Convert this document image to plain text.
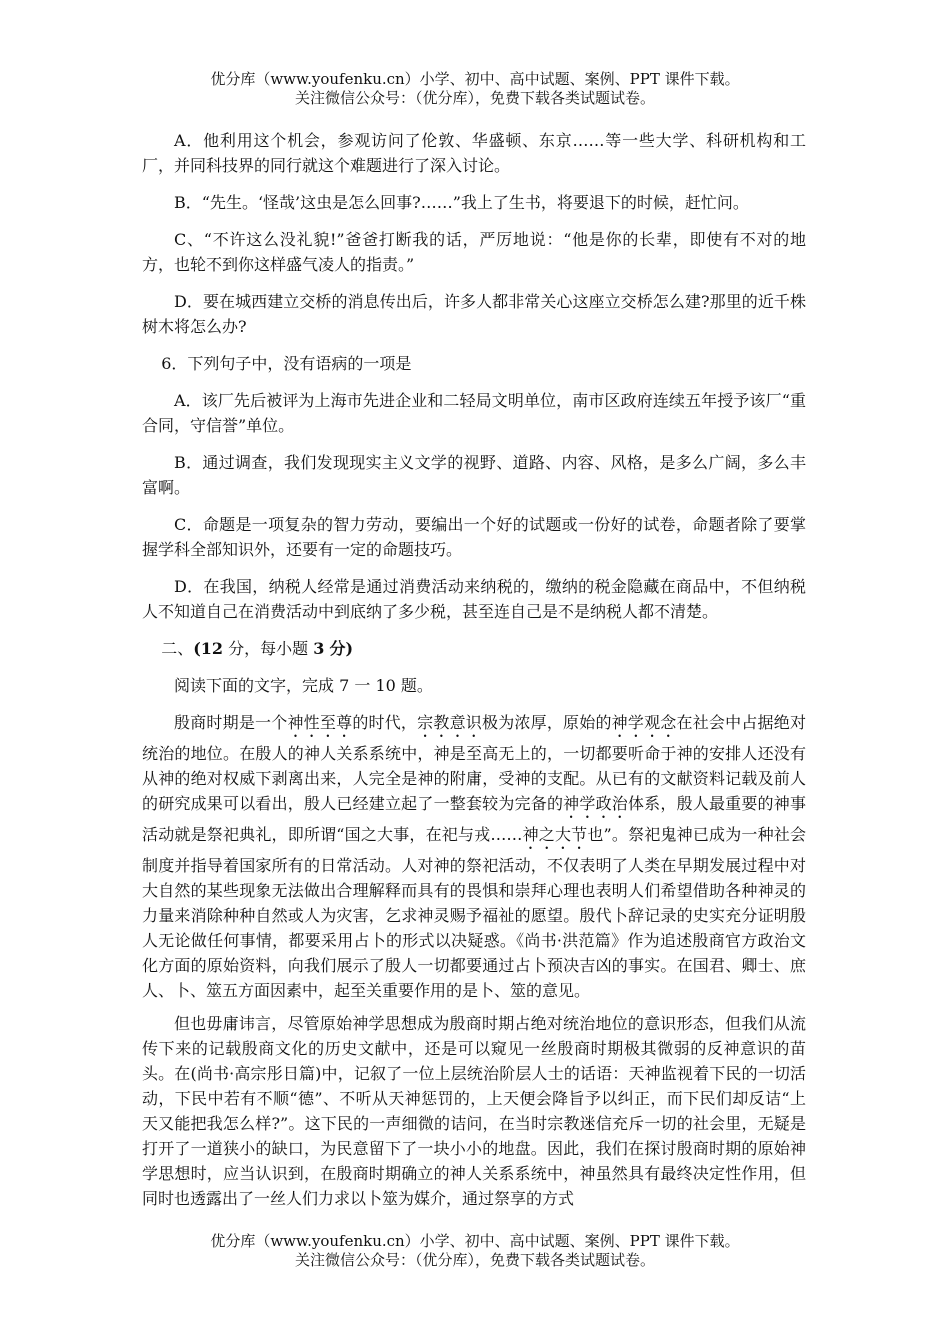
优分库（www.youfenku.cn）小学、初中、高中试题、案例、PPT 课件下载。
关注微信公众号：（优分库），免费下载各类试题试卷。

A．他利用这个机会，参观访问了伦敦、华盛顿、东京……等一些大学、科研机构和工厂，并同科技界的同行就这个难题进行了深入讨论。

B．“先生。‘怪哉’这虫是怎么回事?……”我上了生书，将要退下的时候，赶忙问。

C、“不许这么没礼貌!”爸爸打断我的话，严厉地说：“他是你的长辈，即使有不对的地方，也轮不到你这样盛气凌人的指责。”

D．要在城西建立交桥的消息传出后，许多人都非常关心这座立交桥怎么建?那里的近千株树木将怎么办?

6．下列句子中，没有语病的一项是

A．该厂先后被评为上海市先进企业和二轻局文明单位，南市区政府连续五年授予该厂“重合同，守信誉”单位。

B．通过调查，我们发现现实主义文学的视野、道路、内容、风格，是多么广阔，多么丰富啊。

C．命题是一项复杂的智力劳动，要编出一个好的试题或一份好的试卷，命题者除了要掌握学科全部知识外，还要有一定的命题技巧。

D．在我国，纳税人经常是通过消费活动来纳税的，缴纳的税金隐藏在商品中，不但纳税人不知道自己在消费活动中到底纳了多少税，甚至连自己是不是纳税人都不清楚。

二、(12 分，每小题 3 分)

阅读下面的文字，完成 7 一 10 题。

殷商时期是一个神性至尊的时代，宗教意识极为浓厚，原始的神学观念在社会中占据绝对统治的地位。在殷人的神人关系系统中，神是至高无上的，一切都要听命于神的安排人还没有从神的绝对权威下剥离出来，人完全是神的附庸，受神的支配。从已有的文献资料记载及前人的研究成果可以看出，殷人已经建立起了一整套较为完备的神学政治体系，殷人最重要的神事活动就是祭祀典礼，即所谓“国之大事，在祀与戎……神之大节也”。祭祀鬼神已成为一种社会制度并指导着国家所有的日常活动。人对神的祭祀活动，不仅表明了人类在早期发展过程中对大自然的某些现象无法做出合理解释而具有的畏惧和崇拜心理也表明人们希望借助各种神灵的力量来消除种种自然或人为灾害，乞求神灵赐予福祉的愿望。殷代卜辞记录的史实充分证明殷人无论做任何事情，都要采用占卜的形式以决疑惑。《尚书·洪范篇》作为追述殷商官方政治文化方面的原始资料，向我们展示了殷人一切都要通过占卜预决吉凶的事实。在国君、卿士、庶人、卜、筮五方面因素中，起至关重要作用的是卜、筮的意见。

但也毋庸讳言，尽管原始神学思想成为殷商时期占绝对统治地位的意识形态，但我们从流传下来的记载殷商文化的历史文献中，还是可以窥见一丝殷商时期极其微弱的反神意识的苗头。在(尚书·高宗彤日篇)中，记叙了一位上层统治阶层人士的话语：天神监视着下民的一切活动，下民中若有不顺“德”、不听从天神惩罚的，上天便会降旨予以纠正，而下民们却反诘“上天又能把我怎么样?”。这下民的一声细微的诘问，在当时宗教迷信充斥一切的社会里，无疑是打开了一道狭小的缺口，为民意留下了一块小小的地盘。因此，我们在探讨殷商时期的原始神学思想时，应当认识到，在殷商时期确立的神人关系系统中，神虽然具有最终决定性作用，但同时也透露出了一丝人们力求以卜筮为媒介，通过祭享的方式

优分库（www.youfenku.cn）小学、初中、高中试题、案例、PPT 课件下载。
关注微信公众号：（优分库），免费下载各类试题试卷。
